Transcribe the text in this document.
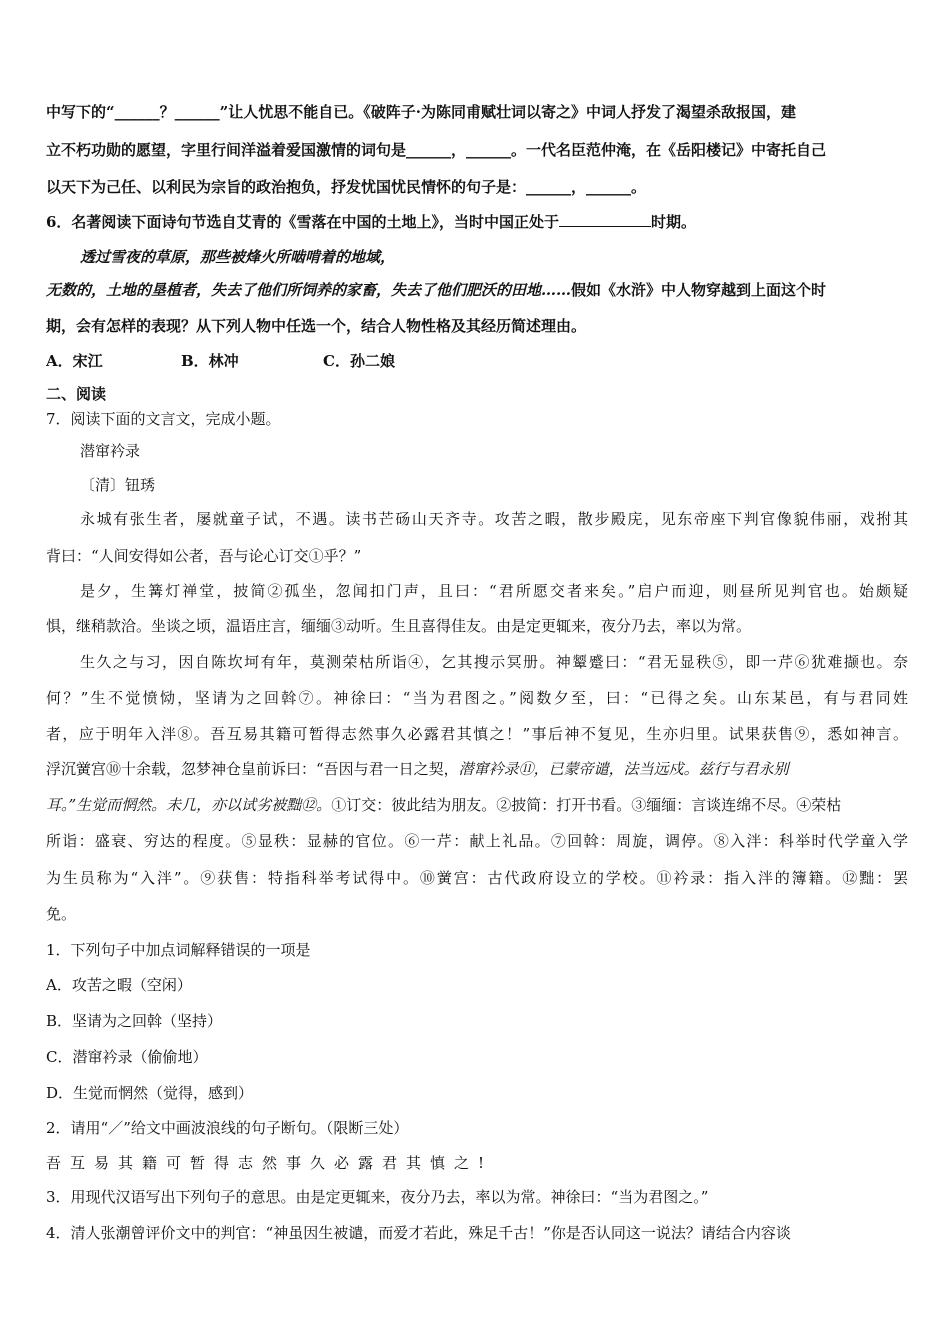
中写下的“______？______”让人忧思不能自已。《破阵子·为陈同甫赋壮词以寄之》中词人抒发了渴望杀敌报国，建
立不朽功勋的愿望，字里行间洋溢着爱国激情的词句是______，______。一代名臣范仲淹，在《岳阳楼记》中寄托自己
以天下为己任、以利民为宗旨的政治抱负，抒发忧国忧民情怀的句子是：______，______。
6．名著阅读下面诗句节选自艾青的《雪落在中国的土地上》，当时中国正处于	时期。
透过雪夜的草原，那些被烽火所啮啃着的地域，
无数的，土地的垦植者，失去了他们所饲养的家畜，失去了他们肥沃的田地……假如《水浒》中人物穿越到上面这个时
期，会有怎样的表现？从下列人物中任选一个，结合人物性格及其经历简述理由。
A．宋江	B．林冲	C．孙二娘
二、阅读
7．阅读下面的文言文，完成小题。
潜窜衿录
〔清〕钮琇
永城有张生者，屡就童子试，不遇。读书芒砀山天齐寺。攻苦之暇，散步殿庑，见东帝座下判官像貌伟丽，戏拊其
背曰：“人间安得如公者，吾与论心订交①乎？”
是夕，生篝灯禅堂，披简②孤坐，忽闻扣门声，且曰：“君所愿交者来矣。”启户而迎，则昼所见判官也。始颇疑
惧，继稍款洽。坐谈之顷，温语庄言，缅缅③动听。生且喜得佳友。由是定更辄来，夜分乃去，率以为常。
生久之与习，因自陈坎坷有年，莫测荣枯所诣④，乞其搜示冥册。神颦蹙曰：“君无显秩⑤，即一芹⑥犹难撷也。奈
何？”生不觉愤恸，坚请为之回斡⑦。神徐曰：“当为君图之。”阅数夕至，曰：“已得之矣。山东某邑，有与君同姓
者，应于明年入泮⑧。吾互易其籍可暂得志然事久必露君其慎之！”事后神不复见，生亦归里。试果获售⑨，悉如神言。
浮沉黉宫⑩十余载，忽梦神仓皇前诉曰：“吾因与君一日之契，潜窜衿录⑪，已蒙帝谴，法当远戍。兹行与君永别
耳。”生觉而惘然。未几，亦以试劣被黜⑫。①订交：彼此结为朋友。②披简：打开书看。③缅缅：言谈连绵不尽。④荣枯
所诣：盛衰、穷达的程度。⑤显秩：显赫的官位。⑥一芹：献上礼品。⑦回斡：周旋，调停。⑧入泮：科举时代学童入学
为生员称为“入泮”。⑨获售：特指科举考试得中。⑩黉宫：古代政府设立的学校。⑪衿录：指入泮的簿籍。⑫黜：罢
免。
1．下列句子中加点词解释错误的一项是
A．攻苦之暇（空闲）
B．坚请为之回斡（坚持）
C．潜窜衿录（偷偷地）
D．生觉而惘然（觉得，感到）
2．请用“／”给文中画波浪线的句子断句。（限断三处）
吾互易其籍可暂得志然事久必露君其慎之!
3．用现代汉语写出下列句子的意思。由是定更辄来，夜分乃去，率以为常。神徐曰：“当为君图之。”
4．清人张潮曾评价文中的判官：“神虽因生被谴，而爱才若此，殊足千古！”你是否认同这一说法？请结合内容谈
